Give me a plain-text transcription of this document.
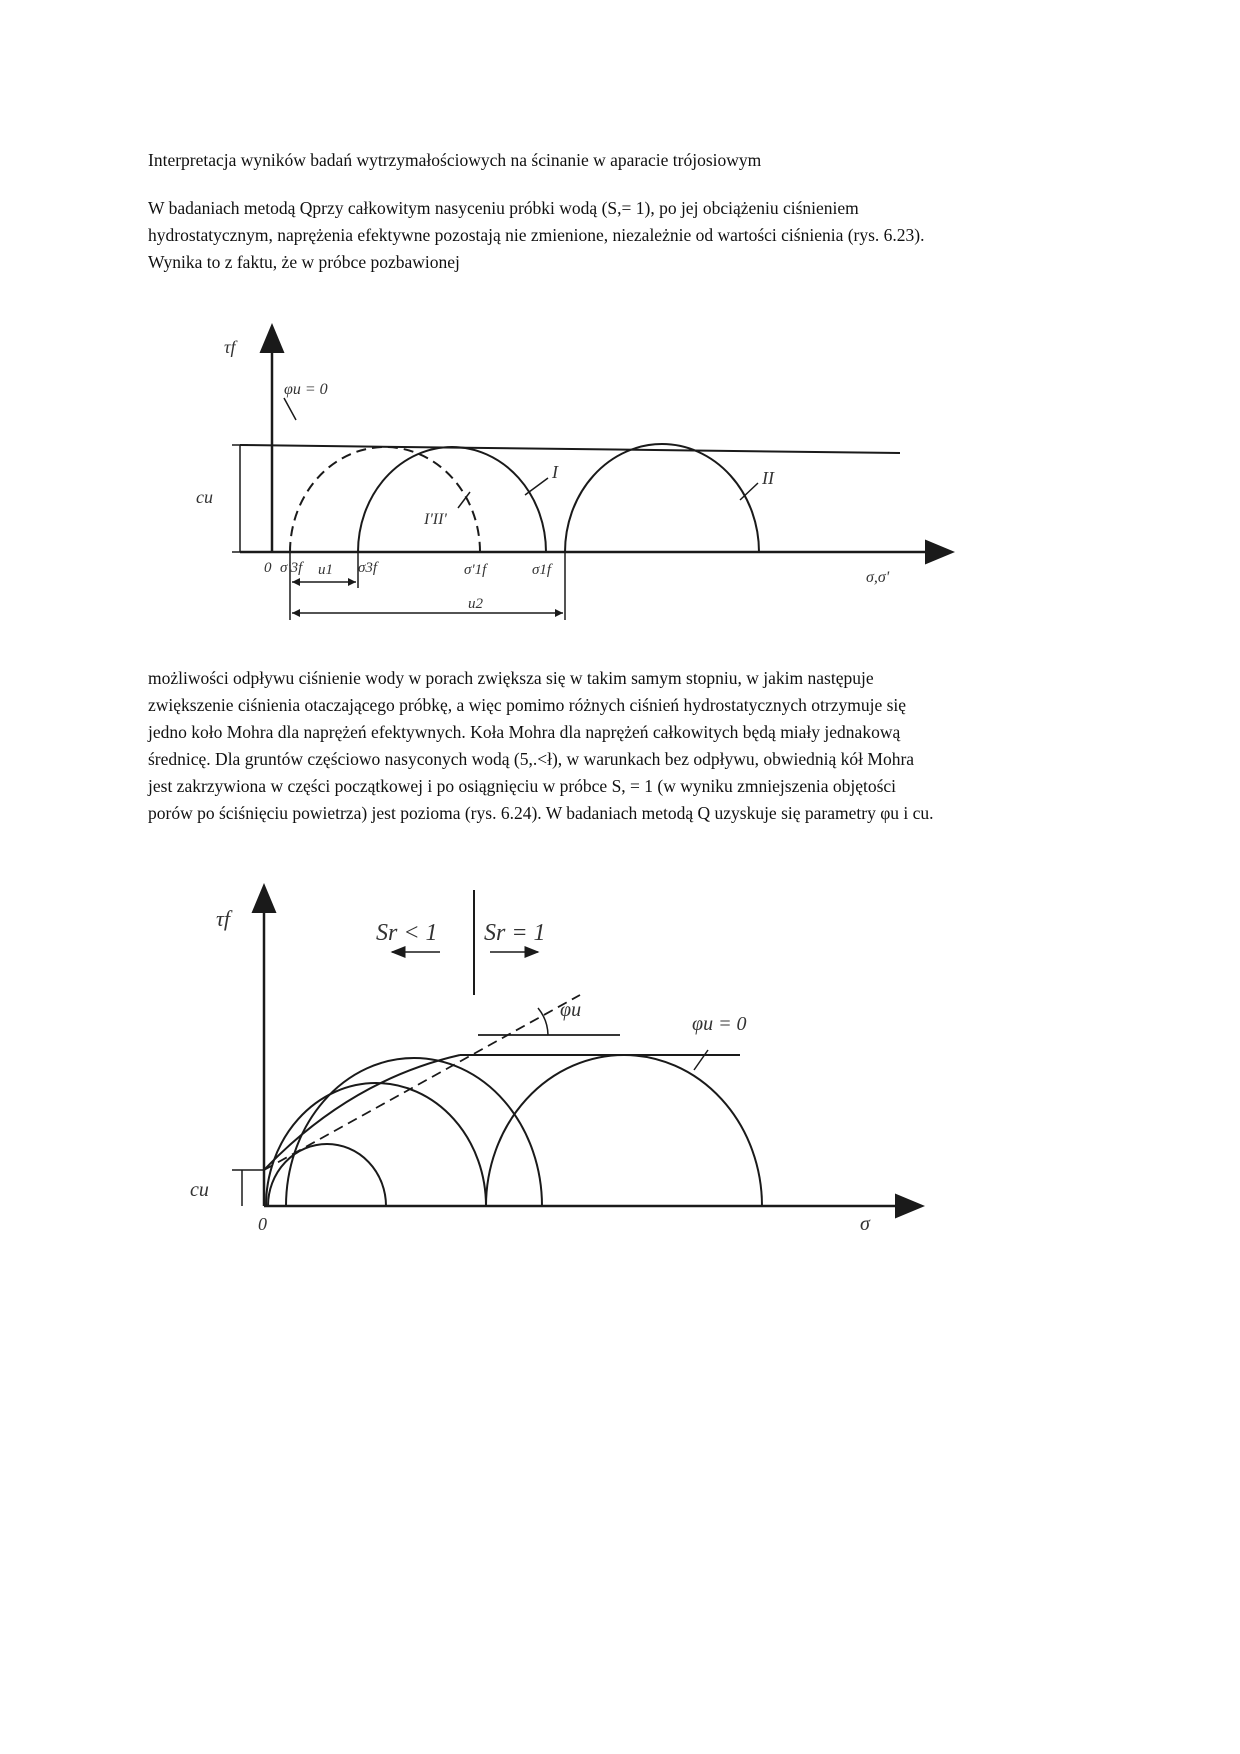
Interpretacja wyników badań wytrzymałościowych na ścinanie w aparacie trójosiowym
W badaniach metodą Qprzy całkowitym nasyceniu próbki wodą (S,= 1), po jej obciążeniu ciśnieniem
hydrostatycznym, naprężenia efektywne pozostają nie zmienione, niezależnie od wartości ciśnienia (rys. 6.23).
Wynika to z faktu, że w próbce pozbawionej
τf
φu = 0
cu
0 σ'3f u1 σ3f	σ'1f	σ1f
u2
σ,σ'
I	II
I'II'
możliwości odpływu ciśnienie wody w porach zwiększa się w takim samym stopniu, w jakim następuje
zwiększenie ciśnienia otaczającego próbkę, a więc pomimo różnych ciśnień hydrostatycznych otrzymuje się
jedno koło Mohra dla naprężeń efektywnych. Koła Mohra dla naprężeń całkowitych będą miały jednakową
średnicę. Dla gruntów częściowo nasyconych wodą (5,.<ł), w warunkach bez odpływu, obwiednią kół Mohra
jest zakrzywiona w części początkowej i po osiągnięciu w próbce S, = 1 (w wyniku zmniejszenia objętości
porów po ściśnięciu powietrza) jest pozioma (rys. 6.24). W badaniach metodą Q uzyskuje się parametry φu i cu.
τf
Sr < 1 Sr = 1
φu
φu = 0
cu
0	σ
